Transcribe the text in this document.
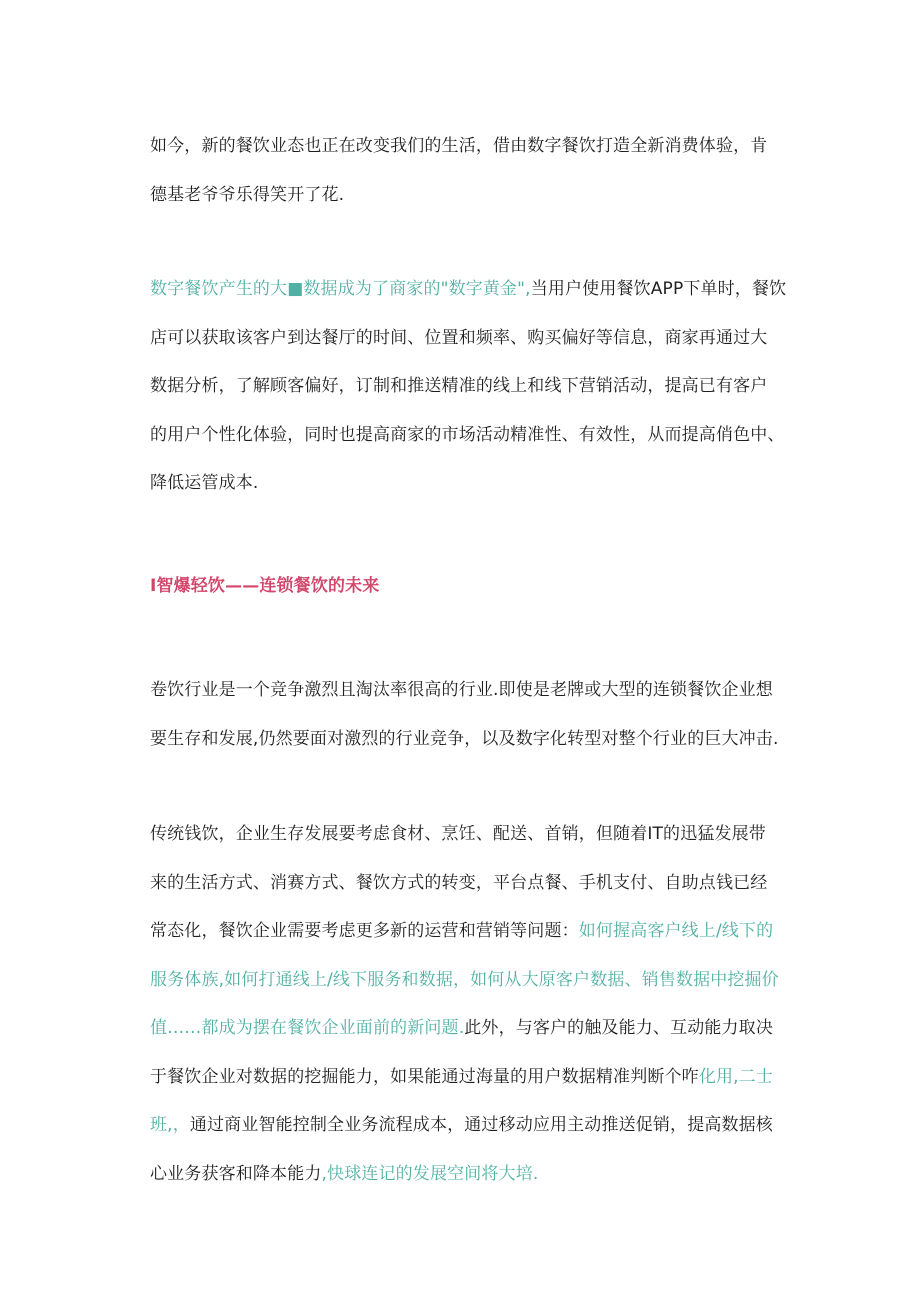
如今，新的餐饮业态也正在改变我们的生活，借由数字餐饮打造全新消费体验，肯
德基老爷爷乐得笑开了花.

数字餐饮产生的大■数据成为了商家的"数字黄金",当用户使用餐饮APP下单时，餐饮
店可以获取该客户到达餐厅的时间、位置和频率、购买偏好等信息，商家再通过大
数据分析，了解顾客偏好，订制和推送精准的线上和线下营销活动，提高已有客户
的用户个性化体验，同时也提高商家的市场活动精准性、有效性，从而提高俏色中、
降低运管成本.

I智爆轻饮——连锁餐饮的未来

卷饮行业是一个竞争激烈且淘汰率很高的行业.即使是老牌或大型的连锁餐饮企业想
要生存和发展,仍然要面对激烈的行业竞争，以及数字化转型对整个行业的巨大冲击.

传统钱饮，企业生存发展要考虑食材、烹饪、配送、首销，但随着IT的迅猛发展带
来的生活方式、消赛方式、餐饮方式的转变，平台点餐、手机支付、自助点钱已经
常态化，餐饮企业需要考虑更多新的运营和营销等问题：如何握高客户线上/线下的
服务体族,如何打通线上/线下服务和数据，如何从大原客户数据、销售数据中挖掘价
值……都成为摆在餐饮企业面前的新问题.此外，与客户的触及能力、互动能力取决
于餐饮企业对数据的挖掘能力，如果能通过海量的用户数据精准判断个咋化用,二士
班,，通过商业智能控制全业务流程成本，通过移动应用主动推送促销，提高数据核
心业务获客和降本能力,快球连记的发展空间将大培.
